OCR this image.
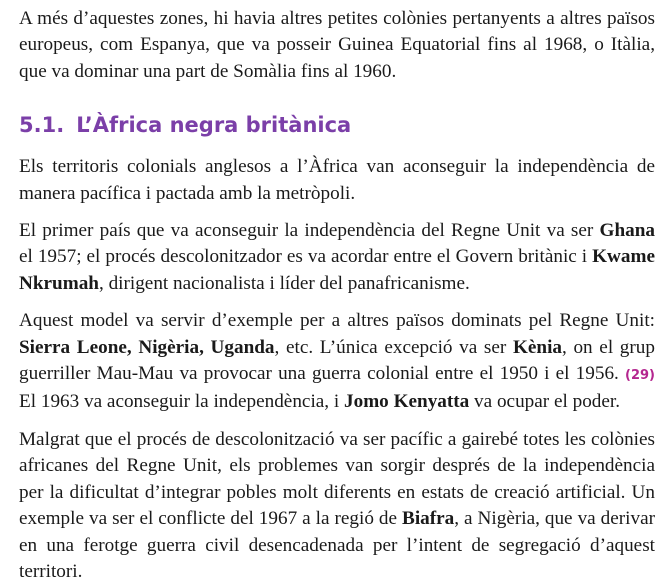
A més d’aquestes zones, hi havia altres petites colònies pertanyents a altres països europeus, com Espanya, que va posseir Guinea Equatorial fins al 1968, o Itàlia, que va dominar una part de Somàlia fins al 1960.

5.1. L’Àfrica negra britànica

Els territoris colonials anglesos a l’Àfrica van aconseguir la independència de manera pacífica i pactada amb la metròpoli.

El primer país que va aconseguir la independència del Regne Unit va ser Ghana el 1957; el procés descolonitzador es va acordar entre el Govern britànic i Kwame Nkrumah, dirigent nacionalista i líder del panafricanisme.

Aquest model va servir d’exemple per a altres països dominats pel Regne Unit: Sierra Leone, Nigèria, Uganda, etc. L’única excepció va ser Kènia, on el grup guerriller Mau-Mau va provocar una guerra colonial entre el 1950 i el 1956. (29) El 1963 va aconseguir la independència, i Jomo Kenyatta va ocupar el poder.

Malgrat que el procés de descolonització va ser pacífic a gairebé totes les colònies africanes del Regne Unit, els problemes van sorgir després de la independència per la dificultat d’integrar pobles molt diferents en estats de creació artificial. Un exemple va ser el conflicte del 1967 a la regió de Biafra, a Nigèria, que va derivar en una ferotge guerra civil desencadenada per l’intent de segregació d’aquest territori.
